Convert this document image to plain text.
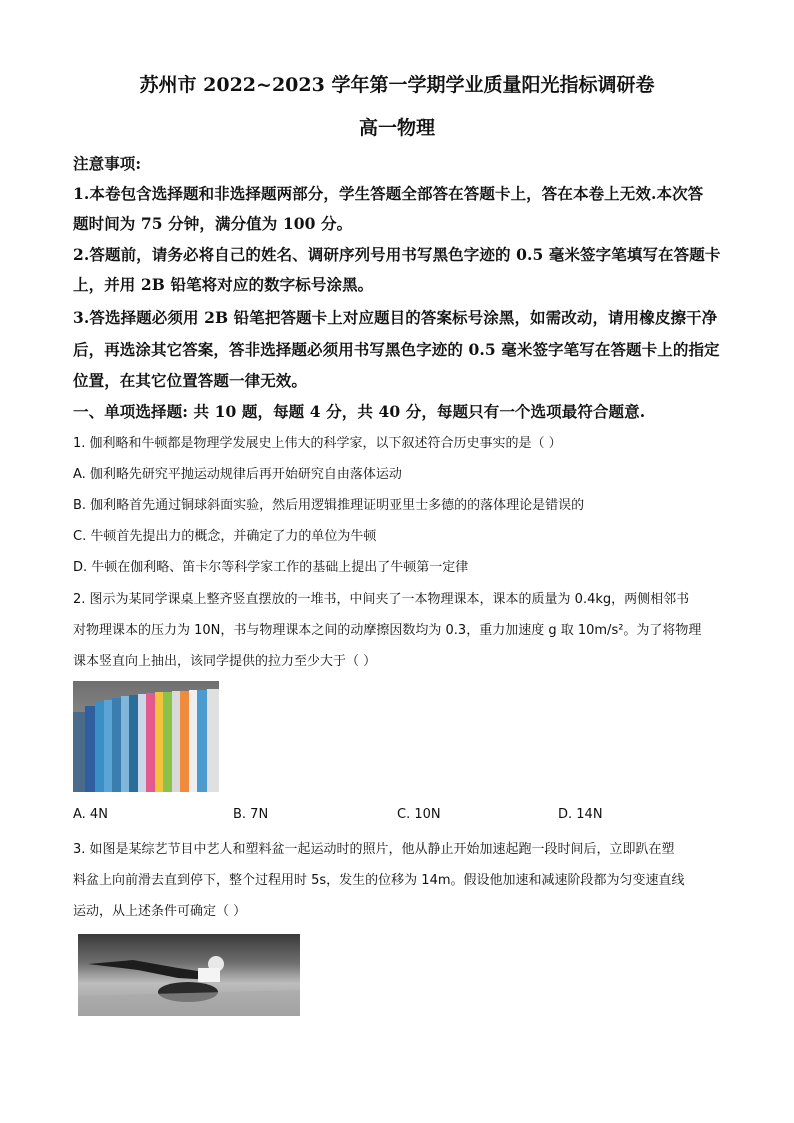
苏州市 2022~2023 学年第一学期学业质量阳光指标调研卷
高一物理
注意事项:
1.本卷包含选择题和非选择题两部分，学生答题全部答在答题卡上，答在本卷上无效.本次答
题时间为 75 分钟，满分值为 100 分。
2.答题前，请务必将自己的姓名、调研序列号用书写黑色字迹的 0.5 毫米签字笔填写在答题卡
上，并用 2B 铅笔将对应的数字标号涂黑。
3.答选择题必须用 2B 铅笔把答题卡上对应题目的答案标号涂黑，如需改动，请用橡皮擦干净
后，再选涂其它答案，答非选择题必须用书写黑色字迹的 0.5 毫米签字笔写在答题卡上的指定
位置，在其它位置答题一律无效。
一、单项选择题: 共 10 题，每题 4 分，共 40 分，每题只有一个选项最符合题意.
1. 伽利略和牛顿都是物理学发展史上伟大的科学家，以下叙述符合历史事实的是（ ）
A. 伽利略先研究平抛运动规律后再开始研究自由落体运动
B. 伽利略首先通过铜球斜面实验，然后用逻辑推理证明亚里士多德的的落体理论是错误的
C. 牛顿首先提出力的概念，并确定了力的单位为牛顿
D. 牛顿在伽利略、笛卡尔等科学家工作的基础上提出了牛顿第一定律
2. 图示为某同学课桌上整齐竖直摆放的一堆书，中间夹了一本物理课本，课本的质量为 0.4kg，两侧相邻书
对物理课本的压力为 10N，书与物理课本之间的动摩擦因数均为 0.3，重力加速度 g 取 10m/s²。为了将物理
课本竖直向上抽出，该同学提供的拉力至少大于（ ）
A. 4N	B. 7N	C. 10N	D. 14N
3. 如图是某综艺节目中艺人和塑料盆一起运动时的照片，他从静止开始加速起跑一段时间后，立即趴在塑
料盆上向前滑去直到停下，整个过程用时 5s，发生的位移为 14m。假设他加速和减速阶段都为匀变速直线
运动，从上述条件可确定（ ）
